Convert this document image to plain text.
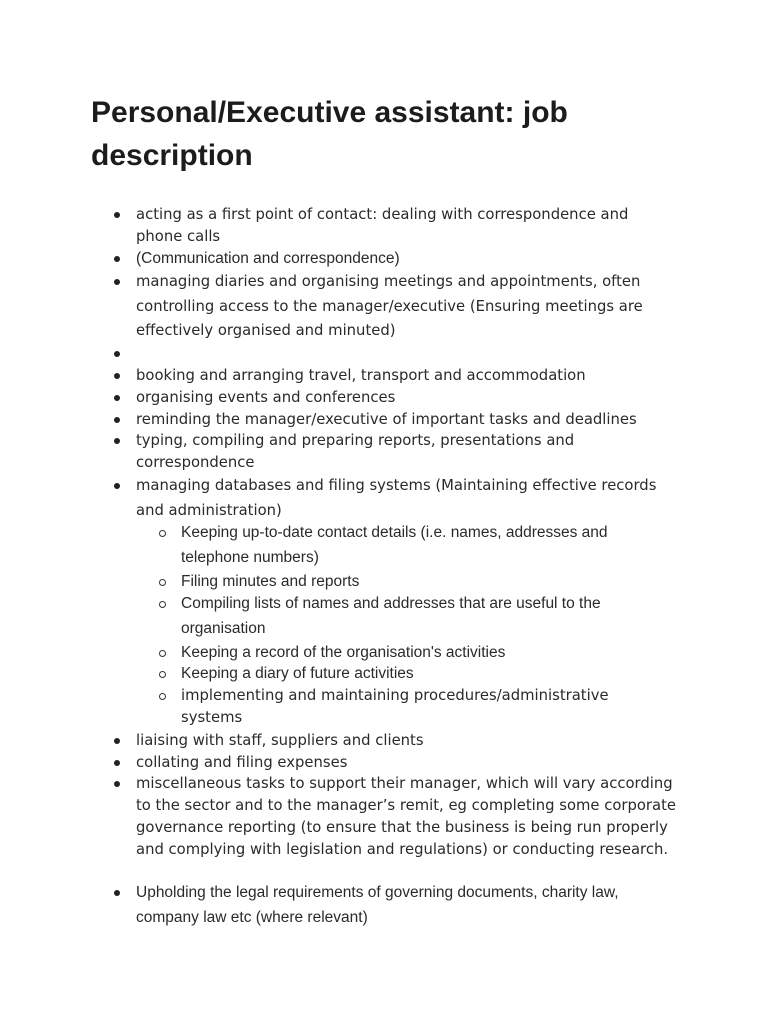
Personal/Executive assistant: job description
acting as a first point of contact: dealing with correspondence and phone calls
(Communication and correspondence)
managing diaries and organising meetings and appointments, often controlling access to the manager/executive (Ensuring meetings are effectively organised and minuted)
booking and arranging travel, transport and accommodation
organising events and conferences
reminding the manager/executive of important tasks and deadlines
typing, compiling and preparing reports, presentations and correspondence
managing databases and filing systems (Maintaining effective records and administration)
Keeping up-to-date contact details (i.e. names, addresses and telephone numbers)
Filing minutes and reports
Compiling lists of names and addresses that are useful to the organisation
Keeping a record of the organisation's activities
Keeping a diary of future activities
implementing and maintaining procedures/administrative systems
liaising with staff, suppliers and clients
collating and filing expenses
miscellaneous tasks to support their manager, which will vary according to the sector and to the manager’s remit, eg completing some corporate governance reporting (to ensure that the business is being run properly and complying with legislation and regulations) or conducting research.
Upholding the legal requirements of governing documents, charity law, company law etc (where relevant)
